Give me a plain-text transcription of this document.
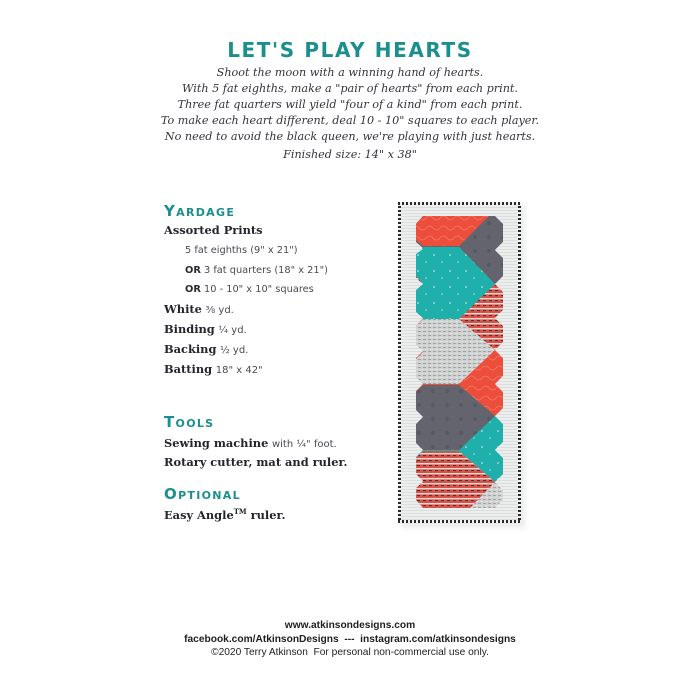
LET'S PLAY HEARTS
Shoot the moon with a winning hand of hearts.
With 5 fat eighths, make a "pair of hearts" from each print.
Three fat quarters will yield "four of a kind" from each print.
To make each heart different, deal 10 - 10" squares to each player.
No need to avoid the black queen, we're playing with just hearts.
Finished size: 14" x 38"
YARDAGE
Assorted Prints
5 fat eighths (9" x 21")
OR 3 fat quarters (18" x 21")
OR 10 - 10" x 10" squares
White ⅜ yd.
Binding ¼ yd.
Backing ½ yd.
Batting 18" x 42"
TOOLS
Sewing machine with ¼" foot.
Rotary cutter, mat and ruler.
OPTIONAL
Easy Angle™ ruler.
www.atkinsondesigns.com
facebook.com/AtkinsonDesigns  ---  instagram.com/atkinsondesigns
©2020 Terry Atkinson  For personal non-commercial use only.
